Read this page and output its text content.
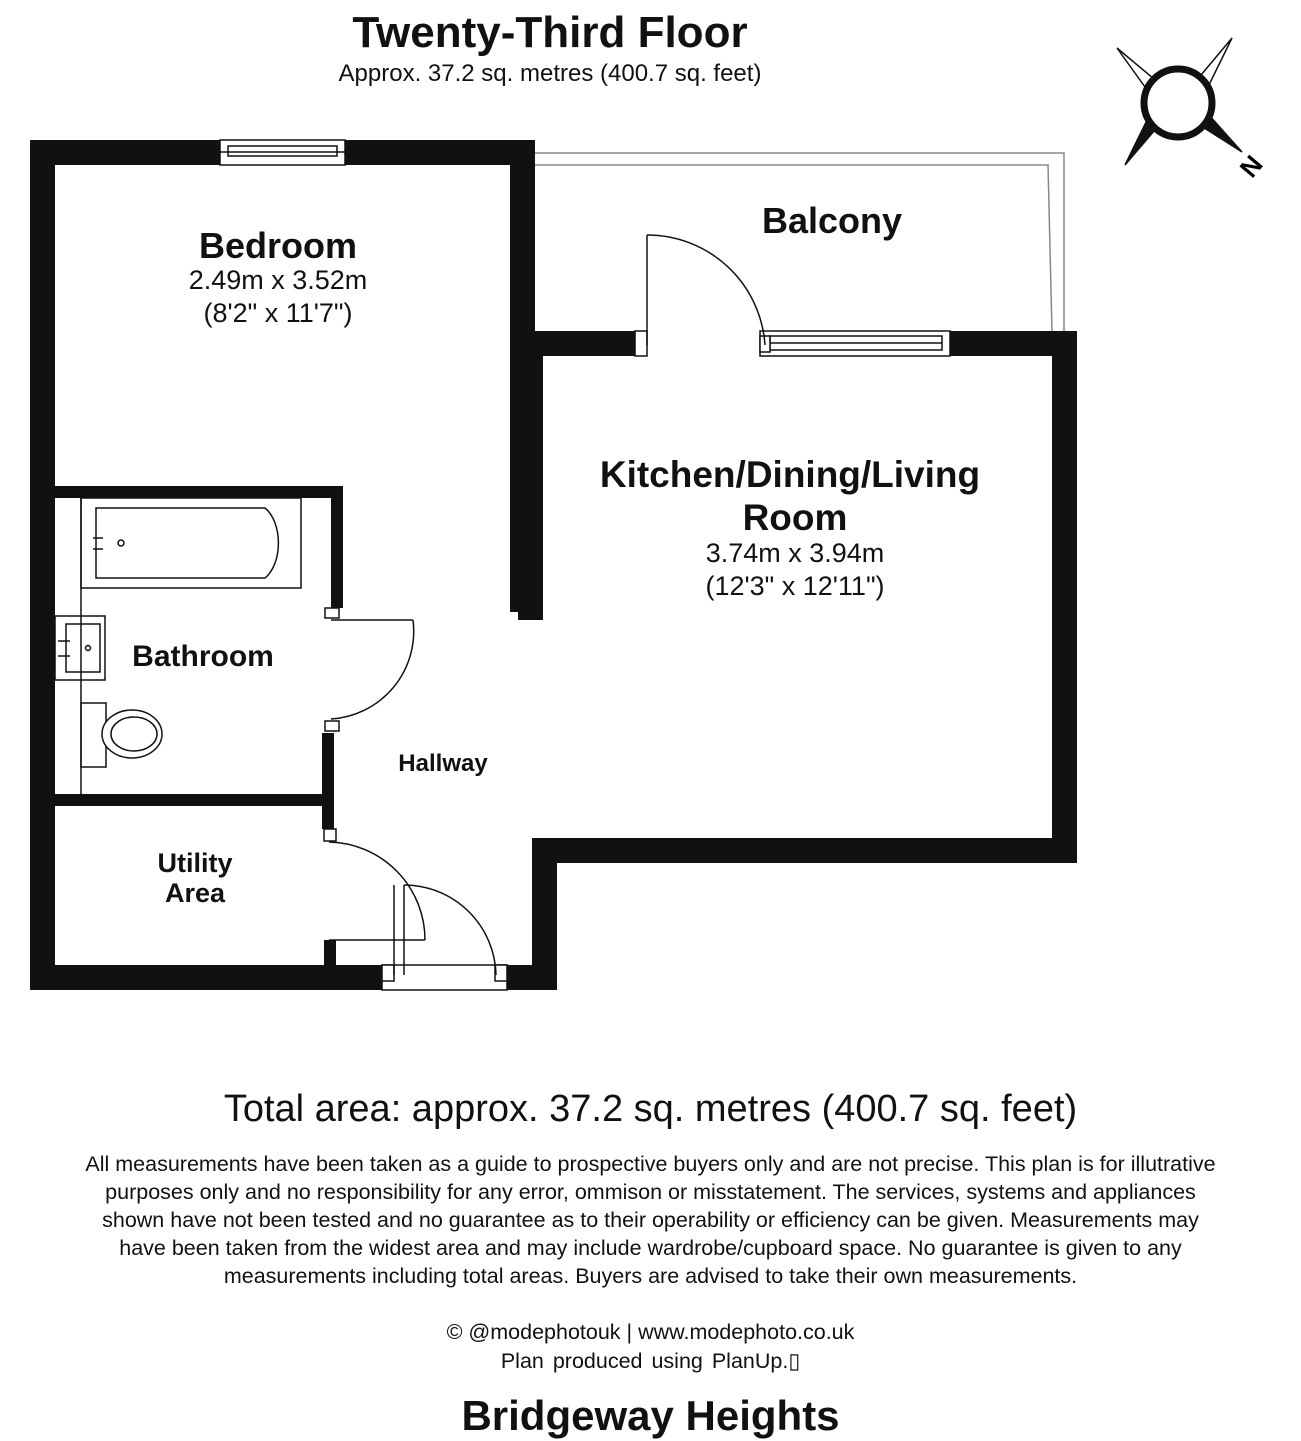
Twenty-Third Floor
Approx. 37.2 sq. metres (400.7 sq. feet)
N
Bedroom
2.49m x 3.52m
(8'2" x 11'7")
Balcony
Kitchen/Dining/Living
Room
3.74m x 3.94m
(12'3" x 12'11")
Bathroom
Hallway
Utility
Area
Total area: approx. 37.2 sq. metres (400.7 sq. feet)
All measurements have been taken as a guide to prospective buyers only and are not precise. This plan is for illutrative
purposes only and no responsibility for any error, ommison or misstatement. The services, systems and appliances
shown have not been tested and no guarantee as to their operability or efficiency can be given. Measurements may
have been taken from the widest area and may include wardrobe/cupboard space. No guarantee is given to any
measurements including total areas. Buyers are advised to take their own measurements.
© @modephotouk | www.modephoto.co.uk
Plan produced using PlanUp.▯
Bridgeway Heights
